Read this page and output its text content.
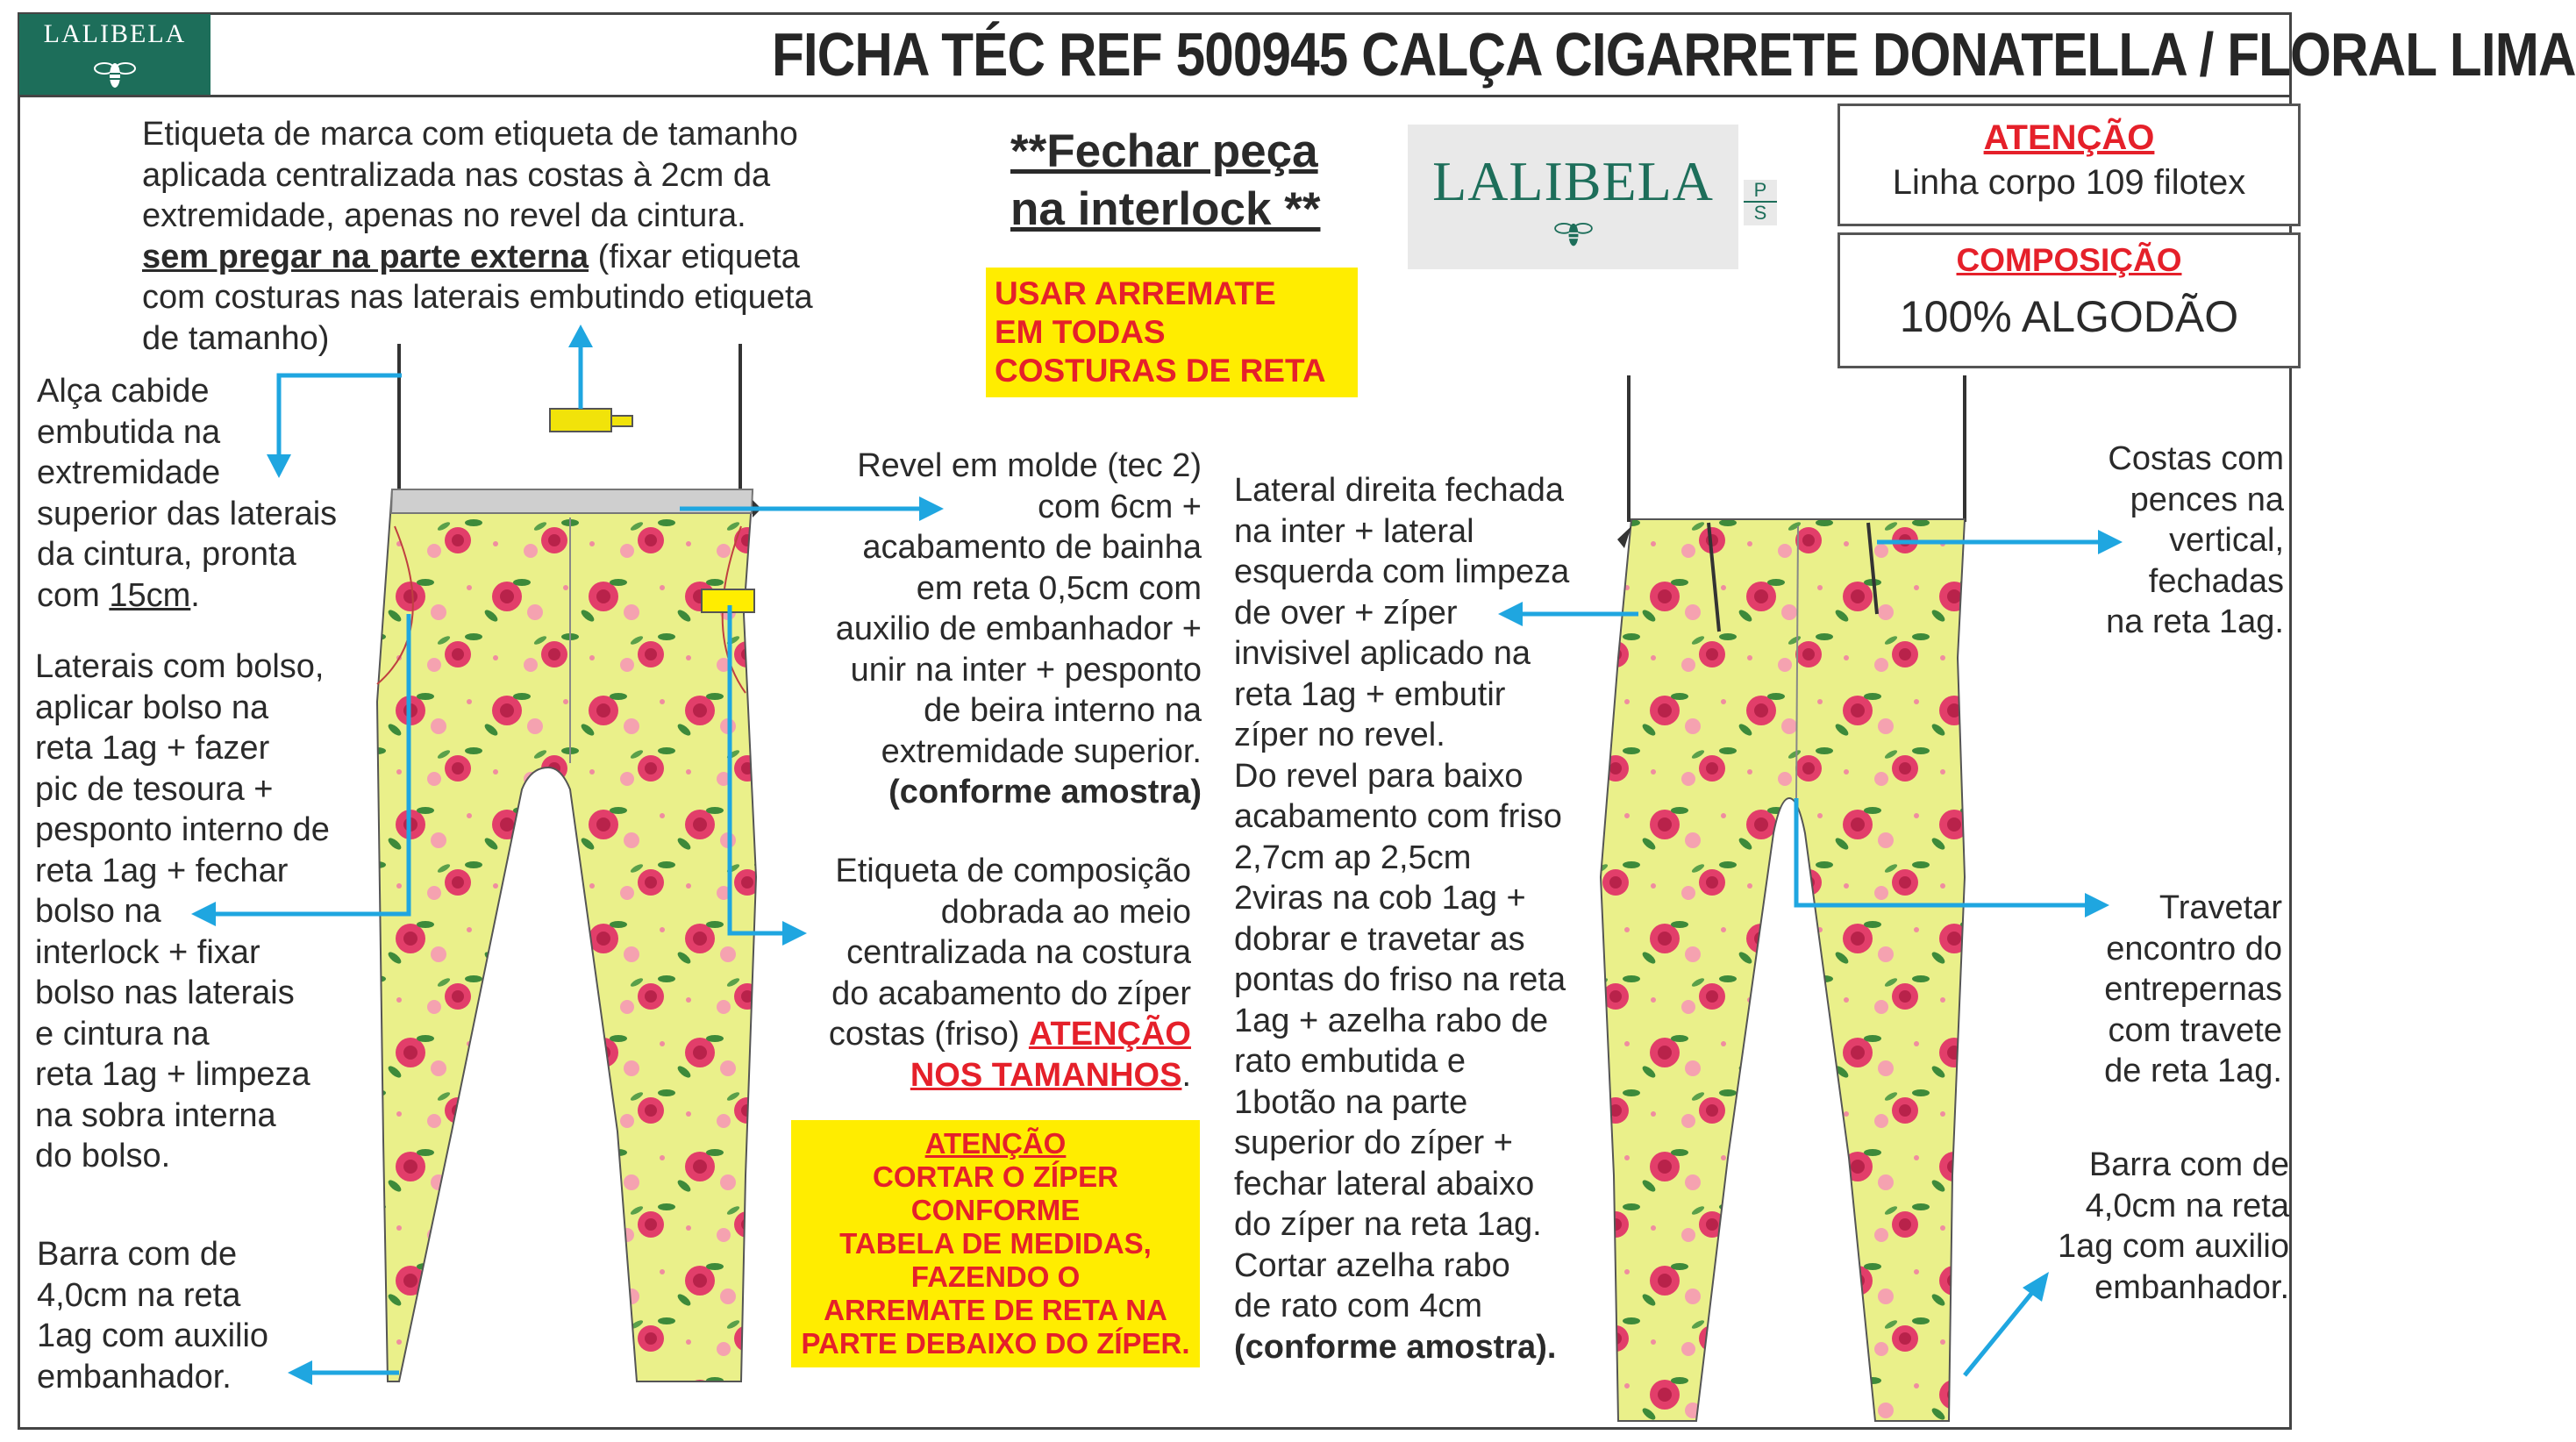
LALIBELA	FICHA TÉC REF 500945 CALÇA CIGARRETE DONATELLA / FLORAL LIMA
Etiqueta de marca com etiqueta de tamanho
aplicada centralizada nas costas à 2cm da
extremidade, apenas no revel da cintura.
sem pregar na parte externa (fixar etiqueta
com costuras nas laterais embutindo etiqueta
de tamanho)
Alça cabide
embutida na
extremidade
superior das laterais
da cintura, pronta
com 15cm.
Laterais com bolso,
aplicar bolso na
reta 1ag + fazer
pic de tesoura +
pesponto interno de
reta 1ag + fechar
bolso na
interlock + fixar
bolso nas laterais
e cintura na
reta 1ag + limpeza
na sobra interna
do bolso.
Barra com de
4,0cm na reta
1ag com auxilio
embanhador.
**Fechar peça
na interlock **
USAR ARREMATE
EM TODAS
COSTURAS DE RETA
Revel em molde (tec 2)
com 6cm +
acabamento de bainha
em reta 0,5cm com
auxilio de embanhador +
unir na inter + pesponto
de beira interno na
extremidade superior.
(conforme amostra)
Etiqueta de composição
dobrada ao meio
centralizada na costura
do acabamento do zíper
costas (friso) ATENÇÃO
NOS TAMANHOS.
ATENÇÃO
CORTAR O ZÍPER
CONFORME
TABELA DE MEDIDAS,
FAZENDO O
ARREMATE DE RETA NA
PARTE DEBAIXO DO ZÍPER.
Lateral direita fechada
na inter + lateral
esquerda com limpeza
de over + zíper
invisivel aplicado na
reta 1ag + embutir
zíper no revel.
Do revel para baixo
acabamento com friso
2,7cm ap 2,5cm
2viras na cob 1ag +
dobrar e travetar as
pontas do friso na reta
1ag + azelha rabo de
rato embutida e
1botão na parte
superior do zíper +
fechar lateral abaixo
do zíper na reta 1ag.
Cortar azelha rabo
de rato com 4cm
(conforme amostra).
LALIBELA	P
S
ATENÇÃO
Linha corpo 109 filotex
COMPOSIÇÃO
100% ALGODÃO
Costas com
pences na
vertical,
fechadas
na reta 1ag.
Travetar
encontro do
entrepernas
com travete
de reta 1ag.
Barra com de
4,0cm na reta
1ag com auxilio
embanhador.
